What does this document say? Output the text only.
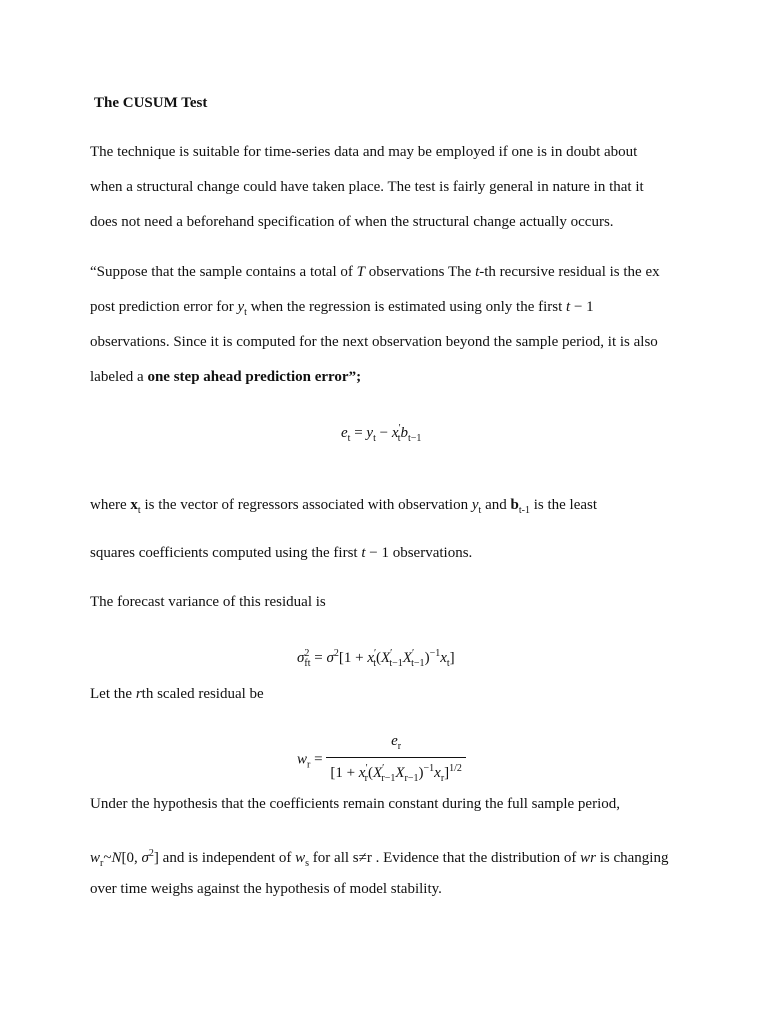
The CUSUM Test
The technique is suitable for time-series data and may be employed if one is in doubt about
when a structural change could have taken place. The test is fairly general in nature in that it
does not need a beforehand specification of when the structural change actually occurs.
“Suppose that the sample contains a total of T observations The t-th recursive residual is the ex
post prediction error for $y_t$ when the regression is estimated using only the first t − 1
observations. Since it is computed for the next observation beyond the sample period, it is also
labeled a one step ahead prediction error”;
$e_t = y_t - x'_tb_{t-1}$
where $x_t$ is the vector of regressors associated with observation $y_t$ and $b_{t-1}$ is the least
squares coefficients computed using the first t − 1 observations.
The forecast variance of this residual is
$\sigma^2_{ft} = \sigma^2[1 + x'_t(X'_{t-1}X'_{t-1})^{-1}x_t]$
Let the rth scaled residual be
$w_r = \frac{e_r}{[1 + x'_r(X'_{r-1}X_{r-1})^{-1}x_r]^{1/2}}$
Under the hypothesis that the coefficients remain constant during the full sample period,
$w_r\sim N[0$, $\sigma^2$] and is independent of $w_s$ for all s≠r . Evidence that the distribution of wr is changing
over time weighs against the hypothesis of model stability.
